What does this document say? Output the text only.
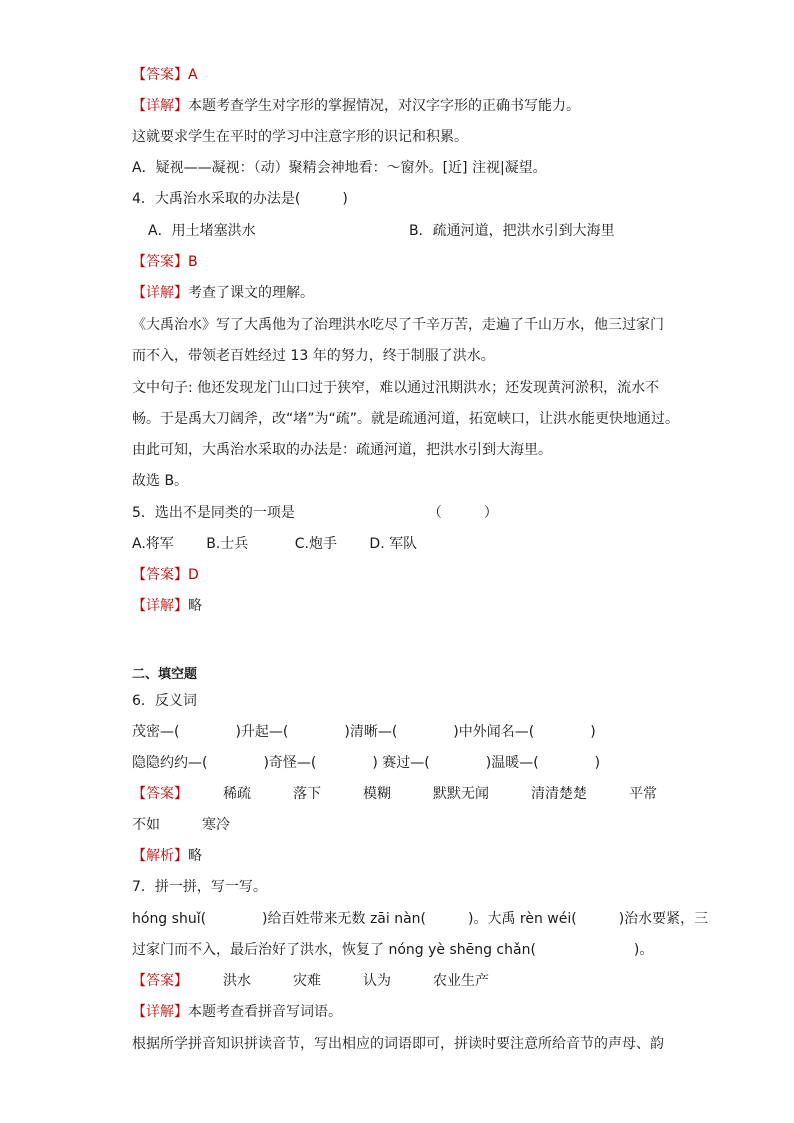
【答案】A

【详解】本题考查学生对字形的掌握情况，对汉字字形的正确书写能力。

这就要求学生在平时的学习中注意字形的识记和积累。

A．疑视——凝视：（动）聚精会神地看：～窗外。[近] 注视|凝望。

4．大禹治水采取的办法是(　　　)

A．用土堵塞洪水	B．疏通河道，把洪水引到大海里

【答案】B

【详解】考查了课文的理解。

《大禹治水》写了大禹他为了治理洪水吃尽了千辛万苦，走遍了千山万水，他三过家门

而不入，带领老百姓经过 13 年的努力，终于制服了洪水。

文中句子: 他还发现龙门山口过于狭窄，难以通过汛期洪水；还发现黄河淤积，流水不

畅。于是禹大刀阔斧，改“堵”为“疏”。就是疏通河道，拓宽峡口，让洪水能更快地通过。

由此可知，大禹治水采取的办法是：疏通河道，把洪水引到大海里。

故选 B。

5．选出不是同类的一项是　　　　　　　　　　（　　　）

A.将军　　 B.士兵　　　 C.炮手　　 D. 军队

【答案】D

【详解】略

二、填空题

6．反义词

茂密—(　　　　)升起—(　　　　)清晰—(　　　　)中外闻名—(　　　　)

隐隐约约—(　　　　)奇怪—(　　　　) 赛过—(　　　　)温暖—(　　　　)

【答案】　　　稀疏　　　落下　　　模糊　　　默默无闻　　　清清楚楚　　　平常

不如　　　寒冷

【解析】略

7．拼一拼，写一写。

hóng shuǐ(　　　　)给百姓带来无数 zāi nàn(　　　)。大禹 rèn wéi(　　　)治水要紧，三

过家门而不入，最后治好了洪水，恢复了 nóng yè shēng chǎn(　　　　　　　)。

【答案】　　　洪水　　　灾难　　　认为　　　农业生产

【详解】本题考查看拼音写词语。

根据所学拼音知识拼读音节，写出相应的词语即可，拼读时要注意所给音节的声母、韵
